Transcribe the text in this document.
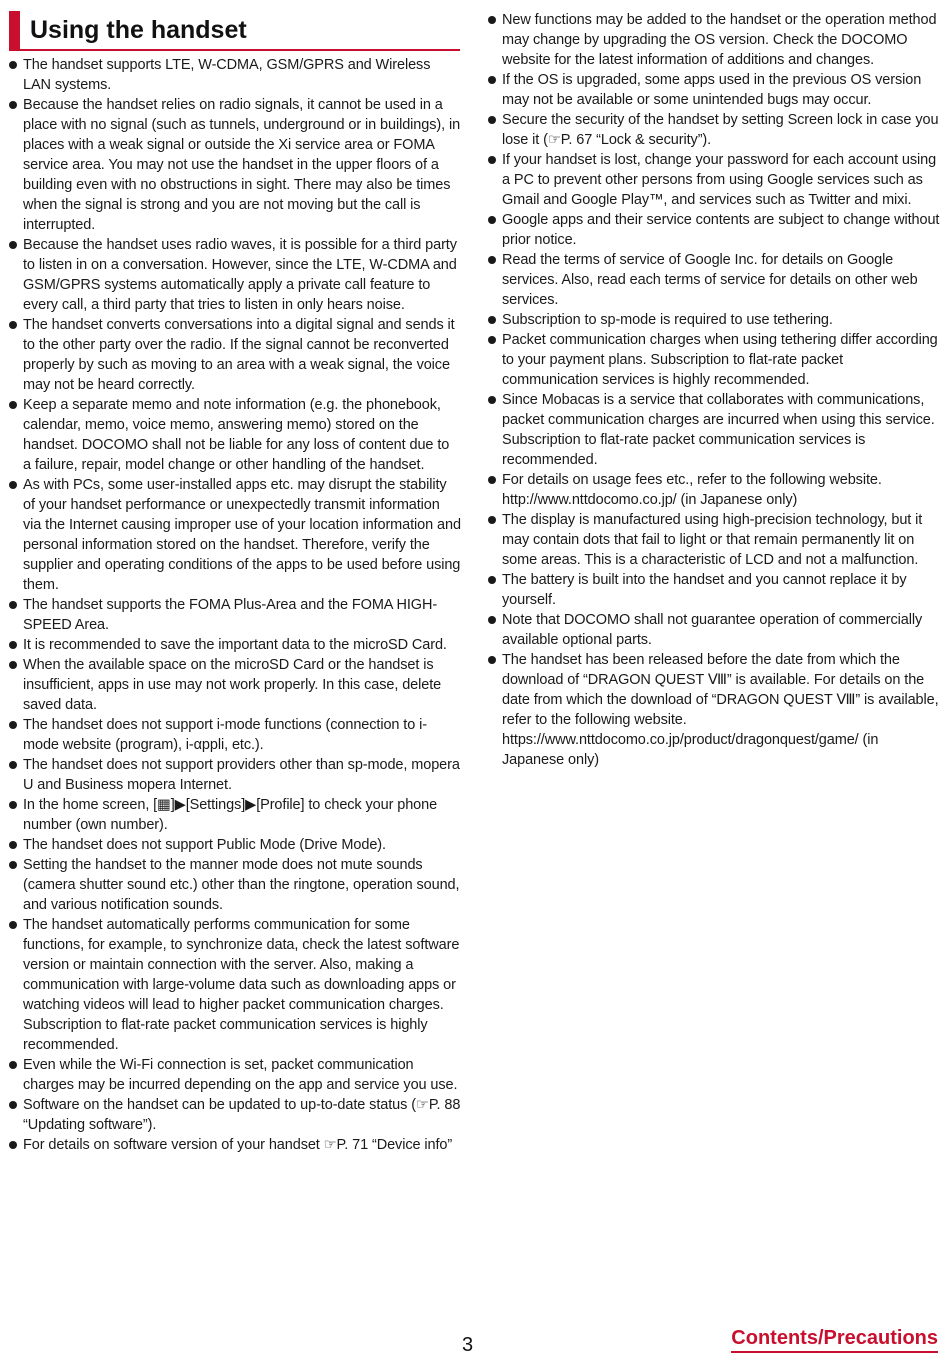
Using the handset
The handset supports LTE, W-CDMA, GSM/GPRS and Wireless LAN systems.
Because the handset relies on radio signals, it cannot be used in a place with no signal (such as tunnels, underground or in buildings), in places with a weak signal or outside the Xi service area or FOMA service area. You may not use the handset in the upper floors of a building even with no obstructions in sight. There may also be times when the signal is strong and you are not moving but the call is interrupted.
Because the handset uses radio waves, it is possible for a third party to listen in on a conversation. However, since the LTE, W-CDMA and GSM/GPRS systems automatically apply a private call feature to every call, a third party that tries to listen in only hears noise.
The handset converts conversations into a digital signal and sends it to the other party over the radio. If the signal cannot be reconverted properly by such as moving to an area with a weak signal, the voice may not be heard correctly.
Keep a separate memo and note information (e.g. the phonebook, calendar, memo, voice memo, answering memo) stored on the handset. DOCOMO shall not be liable for any loss of content due to a failure, repair, model change or other handling of the handset.
As with PCs, some user-installed apps etc. may disrupt the stability of your handset performance or unexpectedly transmit information via the Internet causing improper use of your location information and personal information stored on the handset. Therefore, verify the supplier and operating conditions of the apps to be used before using them.
The handset supports the FOMA Plus-Area and the FOMA HIGH-SPEED Area.
It is recommended to save the important data to the microSD Card.
When the available space on the microSD Card or the handset is insufficient, apps in use may not work properly. In this case, delete saved data.
The handset does not support i-mode functions (connection to i-mode website (program), i-αppli, etc.).
The handset does not support providers other than sp-mode, mopera U and Business mopera Internet.
In the home screen, [▦]▶[Settings]▶[Profile] to check your phone number (own number).
The handset does not support Public Mode (Drive Mode).
Setting the handset to the manner mode does not mute sounds (camera shutter sound etc.) other than the ringtone, operation sound, and various notification sounds.
The handset automatically performs communication for some functions, for example, to synchronize data, check the latest software version or maintain connection with the server. Also, making a communication with large-volume data such as downloading apps or watching videos will lead to higher packet communication charges. Subscription to flat-rate packet communication services is highly recommended.
Even while the Wi-Fi connection is set, packet communication charges may be incurred depending on the app and service you use.
Software on the handset can be updated to up-to-date status (☞P. 88 “Updating software”).
For details on software version of your handset ☞P. 71 “Device info”
New functions may be added to the handset or the operation method may change by upgrading the OS version. Check the DOCOMO website for the latest information of additions and changes.
If the OS is upgraded, some apps used in the previous OS version may not be available or some unintended bugs may occur.
Secure the security of the handset by setting Screen lock in case you lose it (☞P. 67 “Lock & security”).
If your handset is lost, change your password for each account using a PC to prevent other persons from using Google services such as Gmail and Google Play™, and services such as Twitter and mixi.
Google apps and their service contents are subject to change without prior notice.
Read the terms of service of Google Inc. for details on Google services. Also, read each terms of service for details on other web services.
Subscription to sp-mode is required to use tethering.
Packet communication charges when using tethering differ according to your payment plans. Subscription to flat-rate packet communication services is highly recommended.
Since Mobacas is a service that collaborates with communications, packet communication charges are incurred when using this service. Subscription to flat-rate packet communication services is recommended.
For details on usage fees etc., refer to the following website. http://www.nttdocomo.co.jp/ (in Japanese only)
The display is manufactured using high-precision technology, but it may contain dots that fail to light or that remain permanently lit on some areas. This is a characteristic of LCD and not a malfunction.
The battery is built into the handset and you cannot replace it by yourself.
Note that DOCOMO shall not guarantee operation of commercially available optional parts.
The handset has been released before the date from which the download of “DRAGON QUEST Ⅷ” is available. For details on the date from which the download of “DRAGON QUEST Ⅷ” is available, refer to the following website. https://www.nttdocomo.co.jp/product/dragonquest/game/ (in Japanese only)
3	Contents/Precautions
